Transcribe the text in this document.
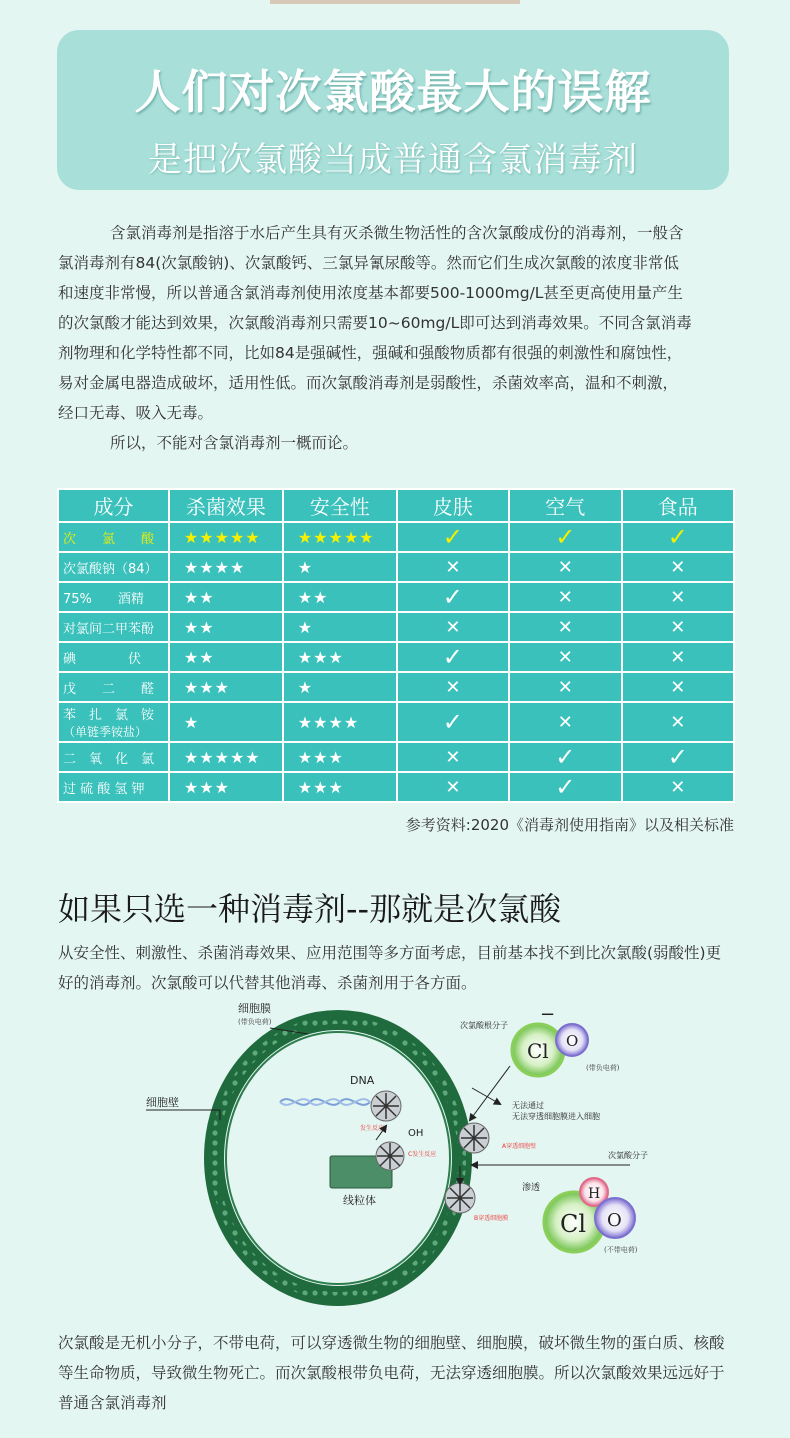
人们对次氯酸最大的误解
是把次氯酸当成普通含氯消毒剂
含氯消毒剂是指溶于水后产生具有灭杀微生物活性的含次氯酸成份的消毒剂，一般含
氯消毒剂有84(次氯酸钠)、次氯酸钙、三氯异氰尿酸等。然而它们生成次氯酸的浓度非常低
和速度非常慢，所以普通含氯消毒剂使用浓度基本都要500-1000mg/L甚至更高使用量产生
的次氯酸才能达到效果，次氯酸消毒剂只需要10~60mg/L即可达到消毒效果。不同含氯消毒
剂物理和化学特性都不同，比如84是强碱性，强碱和强酸物质都有很强的刺激性和腐蚀性，
易对金属电器造成破坏，适用性低。而次氯酸消毒剂是弱酸性，杀菌效率高，温和不刺激，
经口无毒、吸入无毒。
所以，不能对含氯消毒剂一概而论。
成分	杀菌效果	安全性	皮肤	空气	食品

次　　氯　　酸	★★★★★	★★★★★	✓	✓	✓

次氯酸钠（84）	★★★★	★	✕	✕	✕

75%　　酒精	★★	★★	✓	✕	✕

对氯间二甲苯酚	★★	★	✕	✕	✕

碘　　　　伏	★★	★★★	✓	✕	✕

戊　　二　　醛	★★★	★	✕	✕	✕

苯　扎　氯　铵
（单链季铵盐）	★	★★★★	✓	✕	✕

二　氧　化　氯	★★★★★	★★★	✕	✓	✓

过 硫 酸 氢 钾	★★★	★★★	✕	✓	✕
参考资料:2020《消毒剂使用指南》以及相关标准
如果只选一种消毒剂--那就是次氯酸
从安全性、刺激性、杀菌消毒效果、应用范围等多方面考虑，目前基本找不到比次氯酸(弱酸性)更好的消毒剂。次氯酸可以代替其他消毒、杀菌剂用于各方面。
DNA
发生反应
线粒体
C发生反应
OH
A穿透细胞壁
B穿透细胞膜
细胞膜
(带负电荷)
细胞壁
次氯酸根分子
Cl O
−
(带负电荷)
无法通过
无法穿透细胞膜进入细胞
次氯酸分子
渗透
Cl
H
O
(不带电荷)
次氯酸是无机小分子，不带电荷，可以穿透微生物的细胞壁、细胞膜，破坏微生物的蛋白质、核酸等生命物质，导致微生物死亡。而次氯酸根带负电荷，无法穿透细胞膜。所以次氯酸效果远远好于普通含氯消毒剂
